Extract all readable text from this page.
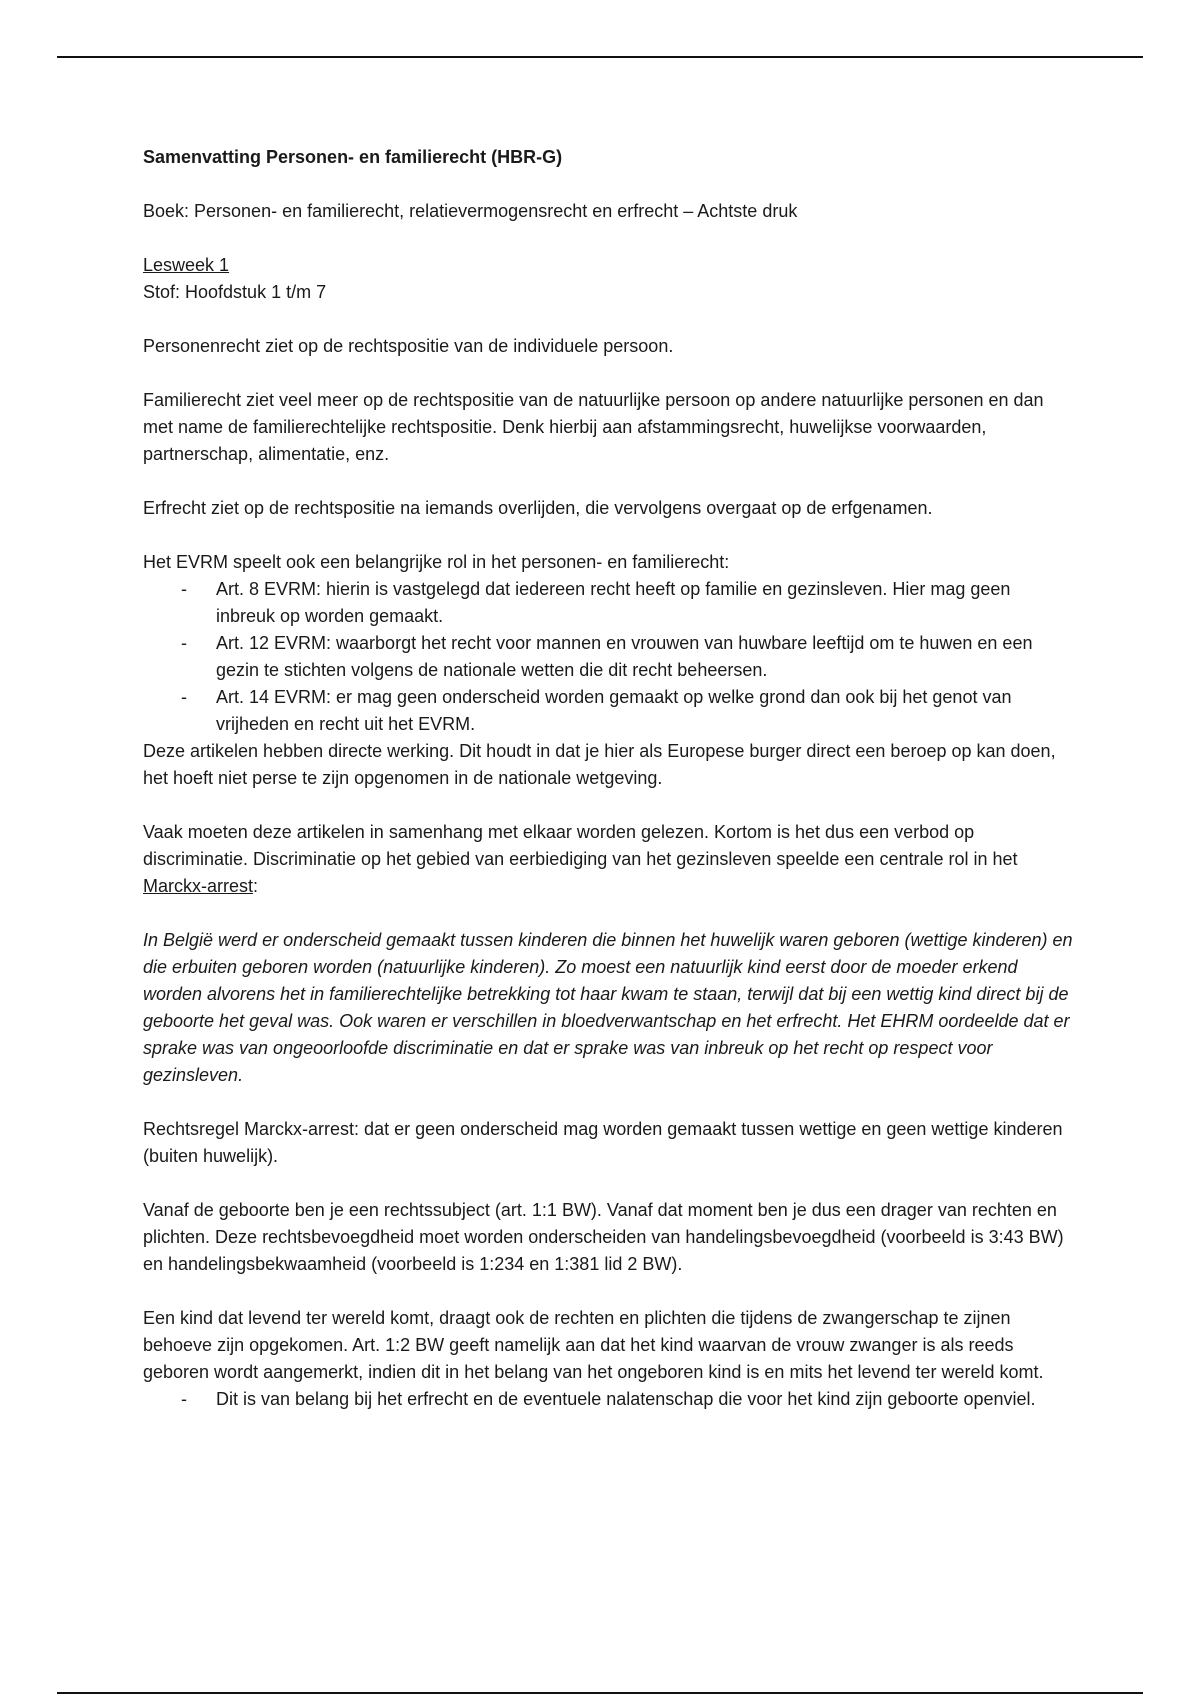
Samenvatting Personen- en familierecht (HBR-G)

Boek: Personen- en familierecht, relatievermogensrecht en erfrecht – Achtste druk

Lesweek 1

Stof: Hoofdstuk 1 t/m 7

Personenrecht ziet op de rechtspositie van de individuele persoon.

Familierecht ziet veel meer op de rechtspositie van de natuurlijke persoon op andere natuurlijke personen en dan met name de familierechtelijke rechtspositie. Denk hierbij aan afstammingsrecht, huwelijkse voorwaarden, partnerschap, alimentatie, enz.

Erfrecht ziet op de rechtspositie na iemands overlijden, die vervolgens overgaat op de erfgenamen.

Het EVRM speelt ook een belangrijke rol in het personen- en familierecht:

- Art. 8 EVRM: hierin is vastgelegd dat iedereen recht heeft op familie en gezinsleven. Hier mag geen inbreuk op worden gemaakt.
- Art. 12 EVRM: waarborgt het recht voor mannen en vrouwen van huwbare leeftijd om te huwen en een gezin te stichten volgens de nationale wetten die dit recht beheersen.
- Art. 14 EVRM: er mag geen onderscheid worden gemaakt op welke grond dan ook bij het genot van vrijheden en recht uit het EVRM.

Deze artikelen hebben directe werking. Dit houdt in dat je hier als Europese burger direct een beroep op kan doen, het hoeft niet perse te zijn opgenomen in de nationale wetgeving.

Vaak moeten deze artikelen in samenhang met elkaar worden gelezen. Kortom is het dus een verbod op discriminatie. Discriminatie op het gebied van eerbiediging van het gezinsleven speelde een centrale rol in het Marckx-arrest:

In België werd er onderscheid gemaakt tussen kinderen die binnen het huwelijk waren geboren (wettige kinderen) en die erbuiten geboren worden (natuurlijke kinderen). Zo moest een natuurlijk kind eerst door de moeder erkend worden alvorens het in familierechtelijke betrekking tot haar kwam te staan, terwijl dat bij een wettig kind direct bij de geboorte het geval was. Ook waren er verschillen in bloedverwantschap en het erfrecht. Het EHRM oordeelde dat er sprake was van ongeoorloofde discriminatie en dat er sprake was van inbreuk op het recht op respect voor gezinsleven.

Rechtsregel Marckx-arrest: dat er geen onderscheid mag worden gemaakt tussen wettige en geen wettige kinderen (buiten huwelijk).

Vanaf de geboorte ben je een rechtssubject (art. 1:1 BW). Vanaf dat moment ben je dus een drager van rechten en plichten. Deze rechtsbevoegdheid moet worden onderscheiden van handelingsbevoegdheid (voorbeeld is 3:43 BW) en handelingsbekwaamheid (voorbeeld is 1:234 en 1:381 lid 2 BW).

Een kind dat levend ter wereld komt, draagt ook de rechten en plichten die tijdens de zwangerschap te zijnen behoeve zijn opgekomen. Art. 1:2 BW geeft namelijk aan dat het kind waarvan de vrouw zwanger is als reeds geboren wordt aangemerkt, indien dit in het belang van het ongeboren kind is en mits het levend ter wereld komt.

- Dit is van belang bij het erfrecht en de eventuele nalatenschap die voor het kind zijn geboorte openviel.
